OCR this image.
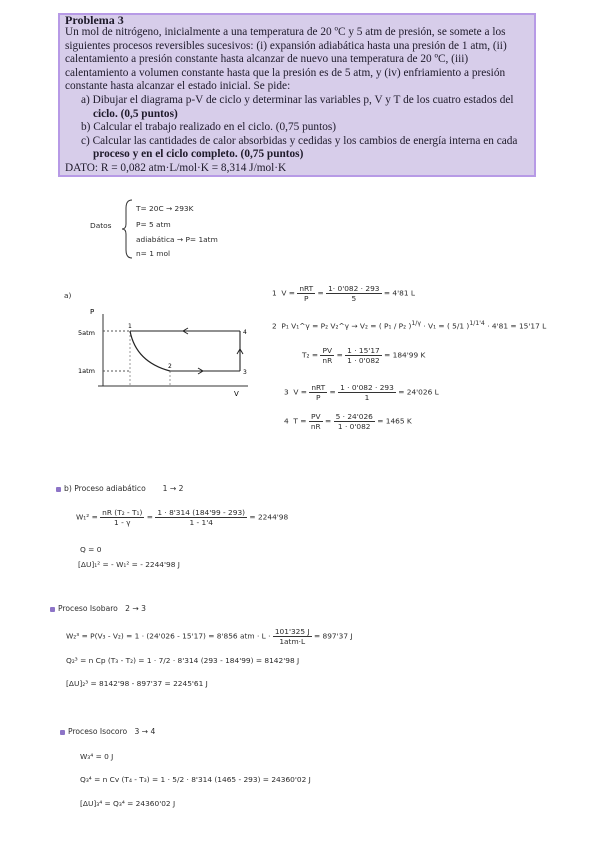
Problema 3

Un mol de nitrógeno, inicialmente a una temperatura de 20 ºC y 5 atm de presión, se somete a los

siguientes procesos reversibles sucesivos: (i) expansión adiabática hasta una presión de 1 atm, (ii)

calentamiento a presión constante hasta alcanzar de nuevo una temperatura de 20 ºC, (iii)

calentamiento a volumen constante hasta que la presión es de 5 atm, y (iv) enfriamiento a presión

constante hasta alcanzar el estado inicial. Se pide:

a) Dibujar el diagrama p-V de ciclo y determinar las variables p, V y T de los cuatro estados del ciclo. (0,5 puntos)

b) Calcular el trabajo realizado en el ciclo. (0,75 puntos)

c) Calcular las cantidades de calor absorbidas y cedidas y los cambios de energía interna en cada proceso y en el ciclo completo. (0,75 puntos)

DATO: R = 0,082 atm·L/mol·K = 8,314 J/mol·K

Datos
T= 20C → 293K
P= 5 atm
adiabática → P= 1atm
n= 1 mol
a)
P
V
5atm
1atm
1
2
3
4
1 $V = \frac{\text{nRT}}{P} = \frac{1\cdot 0'082 \cdot 293}{5} = 4'81$ L
2 P₁ V₁^γ = P₂ V₂^γ → V₂ = ( P₁ / P₂ )$^{1/\gamma}$ · V₁ = ( 5/1 )$^{1/1'4}$ · 4'81 = 15'17 L
$T_2 = \frac{PV}{nR} = \frac{1 \cdot 15'17}{1 \cdot 0'082} = 184'99$ K
3 $V = \frac{\text{nRT}}{P} = \frac{1 \cdot 0'082 \cdot 293}{1} = 24'026$ L
4 $T = \frac{PV}{nR} = \frac{5 \cdot 24'026}{1 \cdot 0'082} = 1465$ K
b) Proceso adiabático 1 → 2
$W_1^2 = \frac{\text{nR (T₂ - T₁)}}{1 - \gamma} = \frac{1 \cdot 8'314 (184'99 - 293)}{1 - 1'4} = 2244'98$
Q = 0
[ΔU]₁² = - W₁² = - 2244'98 J
Proceso Isobaro 2 → 3
W₂³ = P(V₃ - V₂) = 1 · (24'026 - 15'17) = 8'856 atm · $L \cdot \frac{101'325 J}{\text{1atm·L}} = 897'37$ J
Q₂³ = n Cp (T₃ - T₂) = 1 · 7/2 · 8'314 (293 - 184'99) = 8142'98 J
[ΔU]₂³ = 8142'98 - 897'37 = 2245'61 J
Proceso Isocoro 3 → 4
W₃⁴ = 0 J
Q₃⁴ = n Cv (T₄ - T₃) = 1 · 5/2 · 8'314 (1465 - 293) = 24360'02 J
[ΔU]₃⁴ = Q₃⁴ = 24360'02 J
